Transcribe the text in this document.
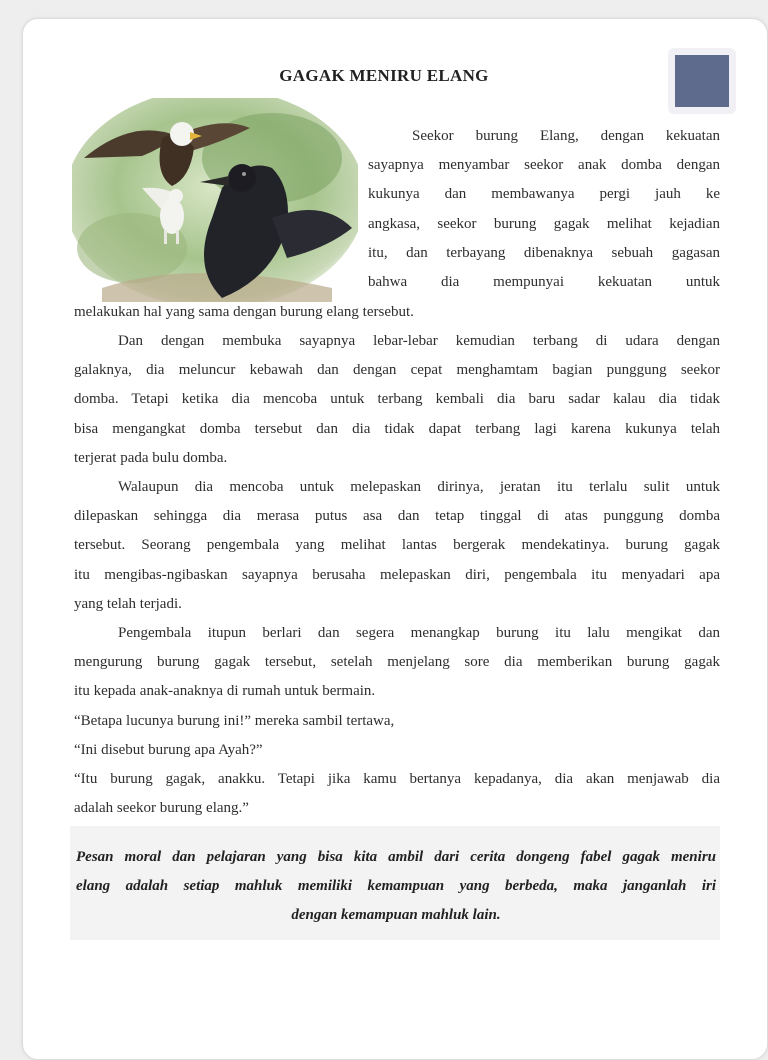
GAGAK MENIRU ELANG
Seekor burung Elang, dengan kekuatan
sayapnya menyambar seekor anak domba dengan
kukunya dan membawanya pergi jauh ke
angkasa, seekor burung gagak melihat kejadian
itu, dan terbayang dibenaknya sebuah gagasan
bahwa dia mempunyai kekuatan untuk
melakukan hal yang sama dengan burung elang tersebut.
Dan dengan membuka sayapnya lebar-lebar kemudian terbang di udara dengan
galaknya, dia meluncur kebawah dan dengan cepat menghamtam bagian punggung seekor
domba. Tetapi ketika dia mencoba untuk terbang kembali dia baru sadar kalau dia tidak
bisa mengangkat domba tersebut dan dia tidak dapat terbang lagi karena kukunya telah
terjerat pada bulu domba.
Walaupun dia mencoba untuk melepaskan dirinya, jeratan itu terlalu sulit untuk
dilepaskan sehingga dia merasa putus asa dan tetap tinggal di atas punggung domba
tersebut. Seorang pengembala yang melihat lantas bergerak mendekatinya. burung gagak
itu mengibas-ngibaskan sayapnya berusaha melepaskan diri, pengembala itu menyadari apa
yang telah terjadi.
Pengembala itupun berlari dan segera menangkap burung itu lalu mengikat dan
mengurung burung gagak tersebut, setelah menjelang sore dia memberikan burung gagak
itu kepada anak-anaknya di rumah untuk bermain.
“Betapa lucunya burung ini!” mereka sambil tertawa,
“Ini disebut burung apa Ayah?”
“Itu burung gagak, anakku. Tetapi jika kamu bertanya kepadanya, dia akan menjawab dia
adalah seekor burung elang.”
Pesan moral dan pelajaran yang bisa kita ambil dari cerita dongeng fabel gagak meniru
elang adalah setiap mahluk memiliki kemampuan yang berbeda, maka janganlah iri
dengan kemampuan mahluk lain.
